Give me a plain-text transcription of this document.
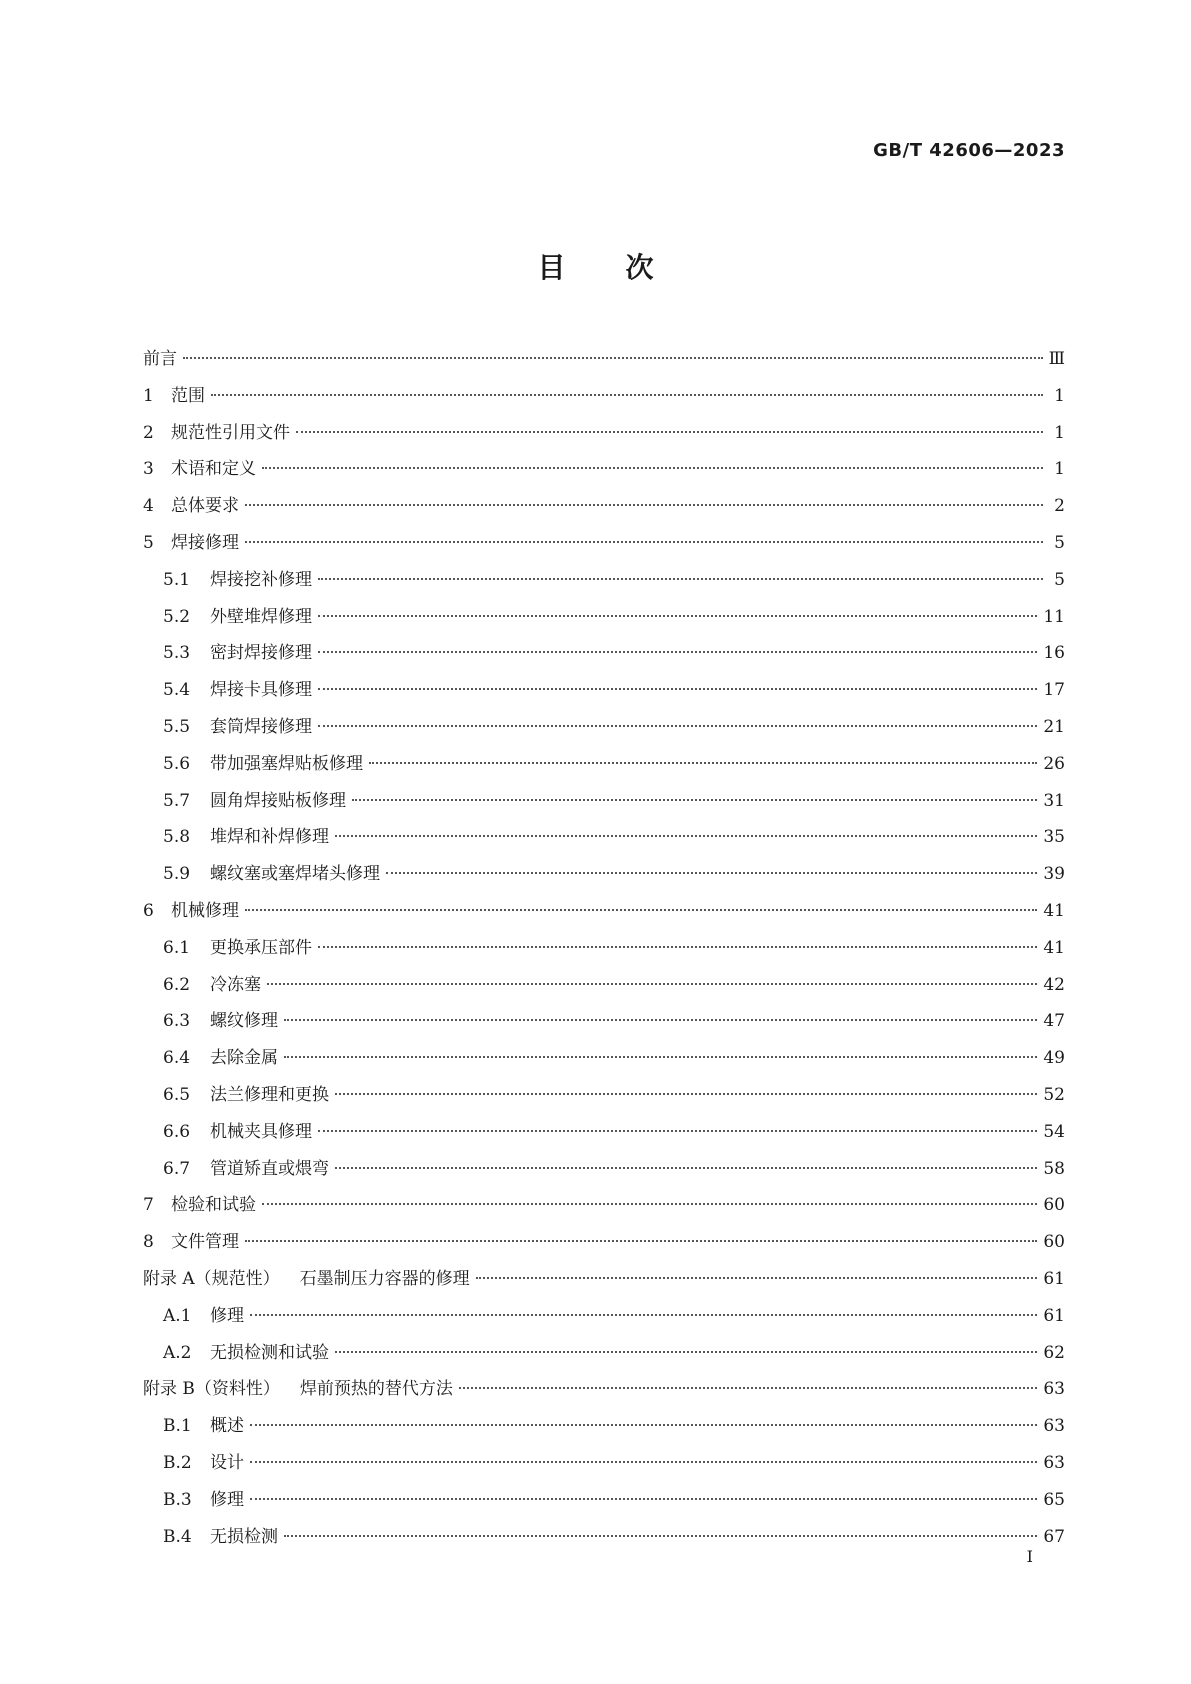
GB/T 42606—2023
目次
前言	Ⅲ
1	范围	1
2	规范性引用文件	1
3	术语和定义	1
4	总体要求	2
5	焊接修理	5
5.1	焊接挖补修理	5
5.2	外壁堆焊修理	11
5.3	密封焊接修理	16
5.4	焊接卡具修理	17
5.5	套筒焊接修理	21
5.6	带加强塞焊贴板修理	26
5.7	圆角焊接贴板修理	31
5.8	堆焊和补焊修理	35
5.9	螺纹塞或塞焊堵头修理	39
6	机械修理	41
6.1	更换承压部件	41
6.2	冷冻塞	42
6.3	螺纹修理	47
6.4	去除金属	49
6.5	法兰修理和更换	52
6.6	机械夹具修理	54
6.7	管道矫直或煨弯	58
7	检验和试验	60
8	文件管理	60
附录 A（规范性） 石墨制压力容器的修理	61
A.1	修理	61
A.2	无损检测和试验	62
附录 B（资料性） 焊前预热的替代方法	63
B.1	概述	63
B.2	设计	63
B.3	修理	65
B.4	无损检测	67
I
